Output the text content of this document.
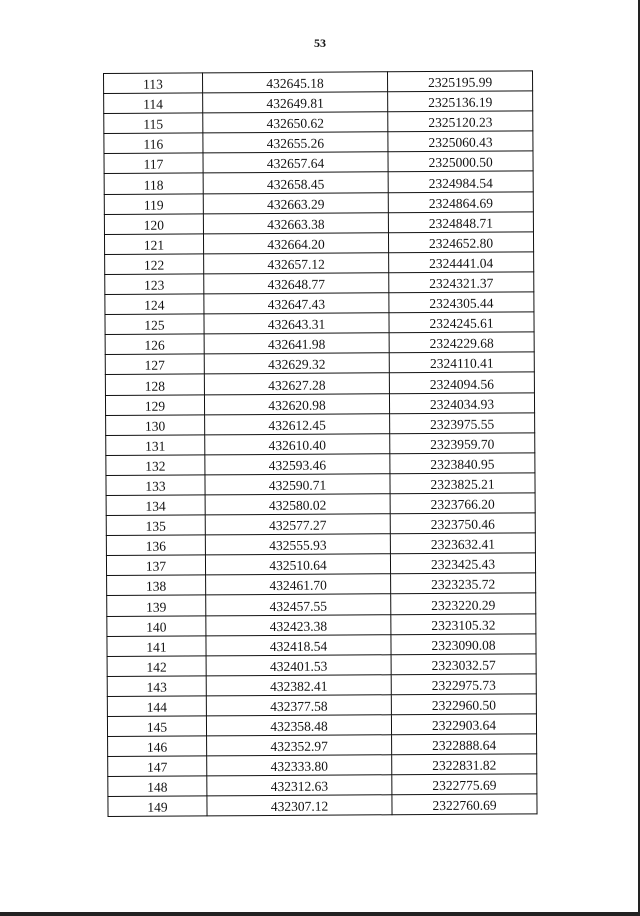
53
113	432645.18	2325195.99
114	432649.81	2325136.19
115	432650.62	2325120.23
116	432655.26	2325060.43
117	432657.64	2325000.50
118	432658.45	2324984.54
119	432663.29	2324864.69
120	432663.38	2324848.71
121	432664.20	2324652.80
122	432657.12	2324441.04
123	432648.77	2324321.37
124	432647.43	2324305.44
125	432643.31	2324245.61
126	432641.98	2324229.68
127	432629.32	2324110.41
128	432627.28	2324094.56
129	432620.98	2324034.93
130	432612.45	2323975.55
131	432610.40	2323959.70
132	432593.46	2323840.95
133	432590.71	2323825.21
134	432580.02	2323766.20
135	432577.27	2323750.46
136	432555.93	2323632.41
137	432510.64	2323425.43
138	432461.70	2323235.72
139	432457.55	2323220.29
140	432423.38	2323105.32
141	432418.54	2323090.08
142	432401.53	2323032.57
143	432382.41	2322975.73
144	432377.58	2322960.50
145	432358.48	2322903.64
146	432352.97	2322888.64
147	432333.80	2322831.82
148	432312.63	2322775.69
149	432307.12	2322760.69
